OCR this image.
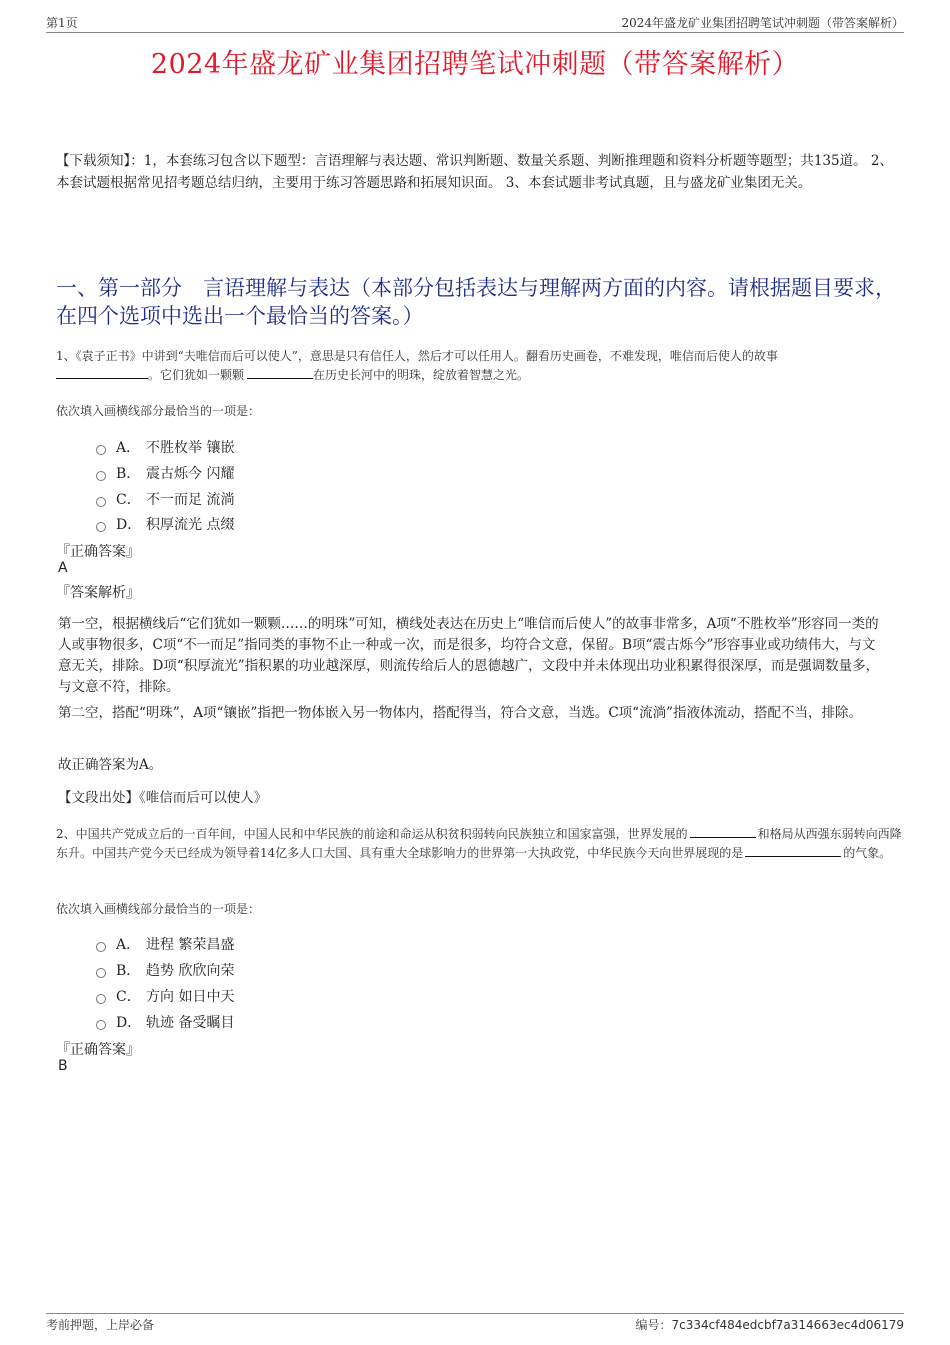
第1页	2024年盛龙矿业集团招聘笔试冲刺题（带答案解析）
2024年盛龙矿业集团招聘笔试冲刺题（带答案解析）
【下载须知】：1，本套练习包含以下题型：言语理解与表达题、常识判断题、数量关系题、判断推理题和资料分析题等题型；共135道。 2、本套试题根据常见招考题总结归纳，主要用于练习答题思路和拓展知识面。 3、本套试题非考试真题，且与盛龙矿业集团无关。
一、第一部分　言语理解与表达（本部分包括表达与理解两方面的内容。请根据题目要求，在四个选项中选出一个最恰当的答案。）
1、《袁子正书》中讲到“夫唯信而后可以使人”，意思是只有信任人，然后才可以任用人。翻看历史画卷，不难发现，唯信而后使人的故事
。它们犹如一颗颗	在历史长河中的明珠，绽放着智慧之光。
依次填入画横线部分最恰当的一项是：
A． 不胜枚举 镶嵌
B． 震古烁今 闪耀
C． 不一而足 流淌
D． 积厚流光 点缀
『正确答案』
A
『答案解析』
第一空，根据横线后“它们犹如一颗颗……的明珠”可知，横线处表达在历史上“唯信而后使人”的故事非常多，A项“不胜枚举”形容同一类的人或事物很多，C项“不一而足”指同类的事物不止一种或一次，而是很多，均符合文意，保留。B项“震古烁今”形容事业或功绩伟大，与文意无关，排除。D项“积厚流光”指积累的功业越深厚，则流传给后人的恩德越广，文段中并未体现出功业积累得很深厚，而是强调数量多，与文意不符，排除。
第二空，搭配“明珠”，A项“镶嵌”指把一物体嵌入另一物体内，搭配得当，符合文意，当选。C项“流淌”指液体流动，搭配不当，排除。
故正确答案为A。
【文段出处】《唯信而后可以使人》
2、中国共产党成立后的一百年间，中国人民和中华民族的前途和命运从积贫积弱转向民族独立和国家富强，世界发展的	和格局从西强东弱转向西降东升。中国共产党今天已经成为领导着14亿多人口大国、具有重大全球影响力的世界第一大执政党，中华民族今天向世界展现的是	的气象。
依次填入画横线部分最恰当的一项是：
A． 进程 繁荣昌盛
B． 趋势 欣欣向荣
C． 方向 如日中天
D． 轨迹 备受瞩目
『正确答案』
B
考前押题，上岸必备	编号：7c334cf484edcbf7a314663ec4d06179
